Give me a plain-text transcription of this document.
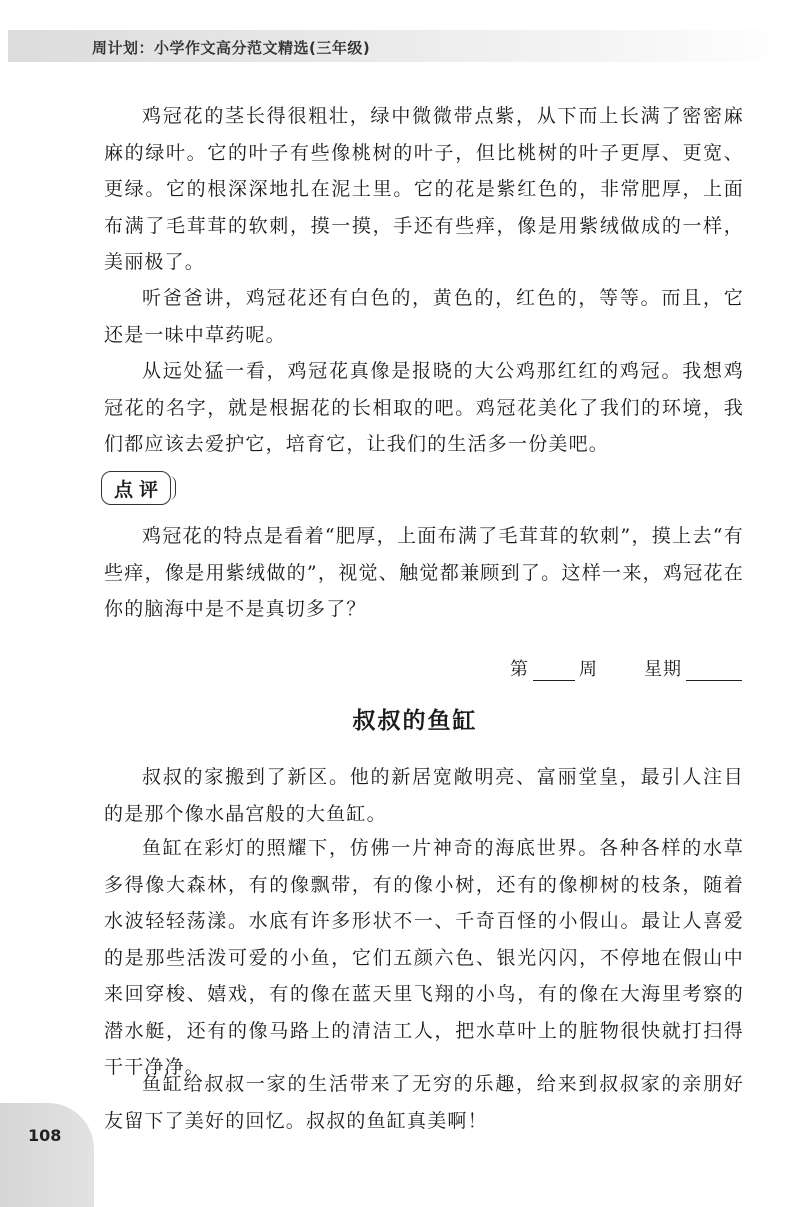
周计划：小学作文高分范文精选(三年级)

鸡冠花的茎长得很粗壮，绿中微微带点紫，从下而上长满了密密麻麻的绿叶。它的叶子有些像桃树的叶子，但比桃树的叶子更厚、更宽、更绿。它的根深深地扎在泥土里。它的花是紫红色的，非常肥厚，上面布满了毛茸茸的软刺，摸一摸，手还有些痒，像是用紫绒做成的一样，美丽极了。

听爸爸讲，鸡冠花还有白色的，黄色的，红色的，等等。而且，它还是一味中草药呢。

从远处猛一看，鸡冠花真像是报晓的大公鸡那红红的鸡冠。我想鸡冠花的名字，就是根据花的长相取的吧。鸡冠花美化了我们的环境，我们都应该去爱护它，培育它，让我们的生活多一份美吧。

点评

鸡冠花的特点是看着“肥厚，上面布满了毛茸茸的软刺”，摸上去“有些痒，像是用紫绒做的”，视觉、触觉都兼顾到了。这样一来，鸡冠花在你的脑海中是不是真切多了？

第	周	星期
叔叔的鱼缸

叔叔的家搬到了新区。他的新居宽敞明亮、富丽堂皇，最引人注目的是那个像水晶宫般的大鱼缸。

鱼缸在彩灯的照耀下，仿佛一片神奇的海底世界。各种各样的水草多得像大森林，有的像飘带，有的像小树，还有的像柳树的枝条，随着水波轻轻荡漾。水底有许多形状不一、千奇百怪的小假山。最让人喜爱的是那些活泼可爱的小鱼，它们五颜六色、银光闪闪，不停地在假山中来回穿梭、嬉戏，有的像在蓝天里飞翔的小鸟，有的像在大海里考察的潜水艇，还有的像马路上的清洁工人，把水草叶上的脏物很快就打扫得干干净净。

鱼缸给叔叔一家的生活带来了无穷的乐趣，给来到叔叔家的亲朋好友留下了美好的回忆。叔叔的鱼缸真美啊！

108
